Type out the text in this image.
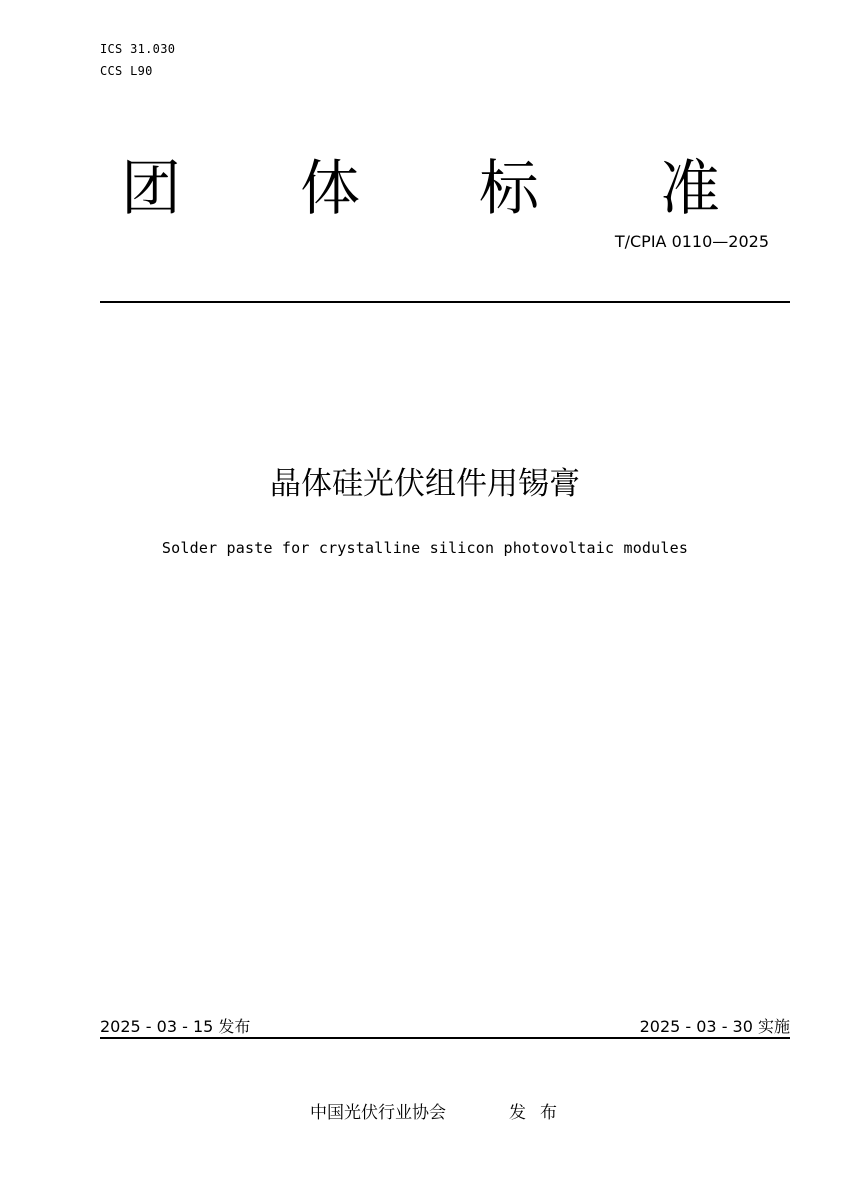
ICS 31.030
CCS L90
团 体 标 准
T/CPIA 0110—2025
晶体硅光伏组件用锡膏
Solder paste for crystalline silicon photovoltaic modules
2025 - 03 - 15 发布	2025 - 03 - 30 实施
中国光伏行业协会	发布
